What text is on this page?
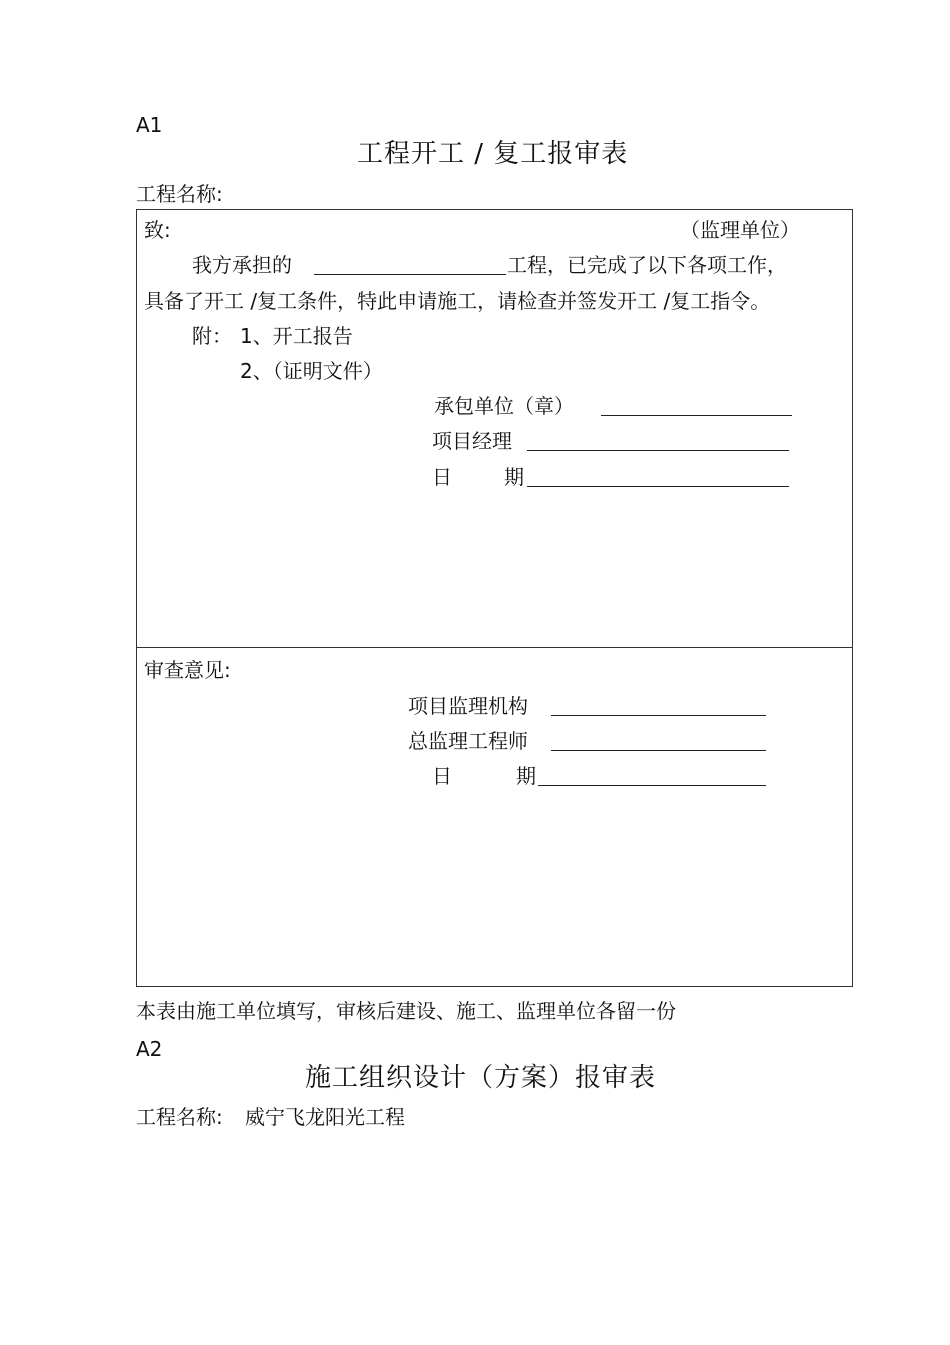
A1
工程开工 / 复工报审表
工程名称:
致:	（监理单位）
我方承担的	工程，已完成了以下各项工作，
具备了开工 /复工条件，特此申请施工，请检查并签发开工 /复工指令。
附： 1、开工报告
2、（证明文件）
承包单位（章）
项目经理
日	期
审查意见:
项目监理机构
总监理工程师
日	期
本表由施工单位填写，审核后建设、施工、监理单位各留一份
A2
施工组织设计（方案）报审表
工程名称: 威宁飞龙阳光工程
